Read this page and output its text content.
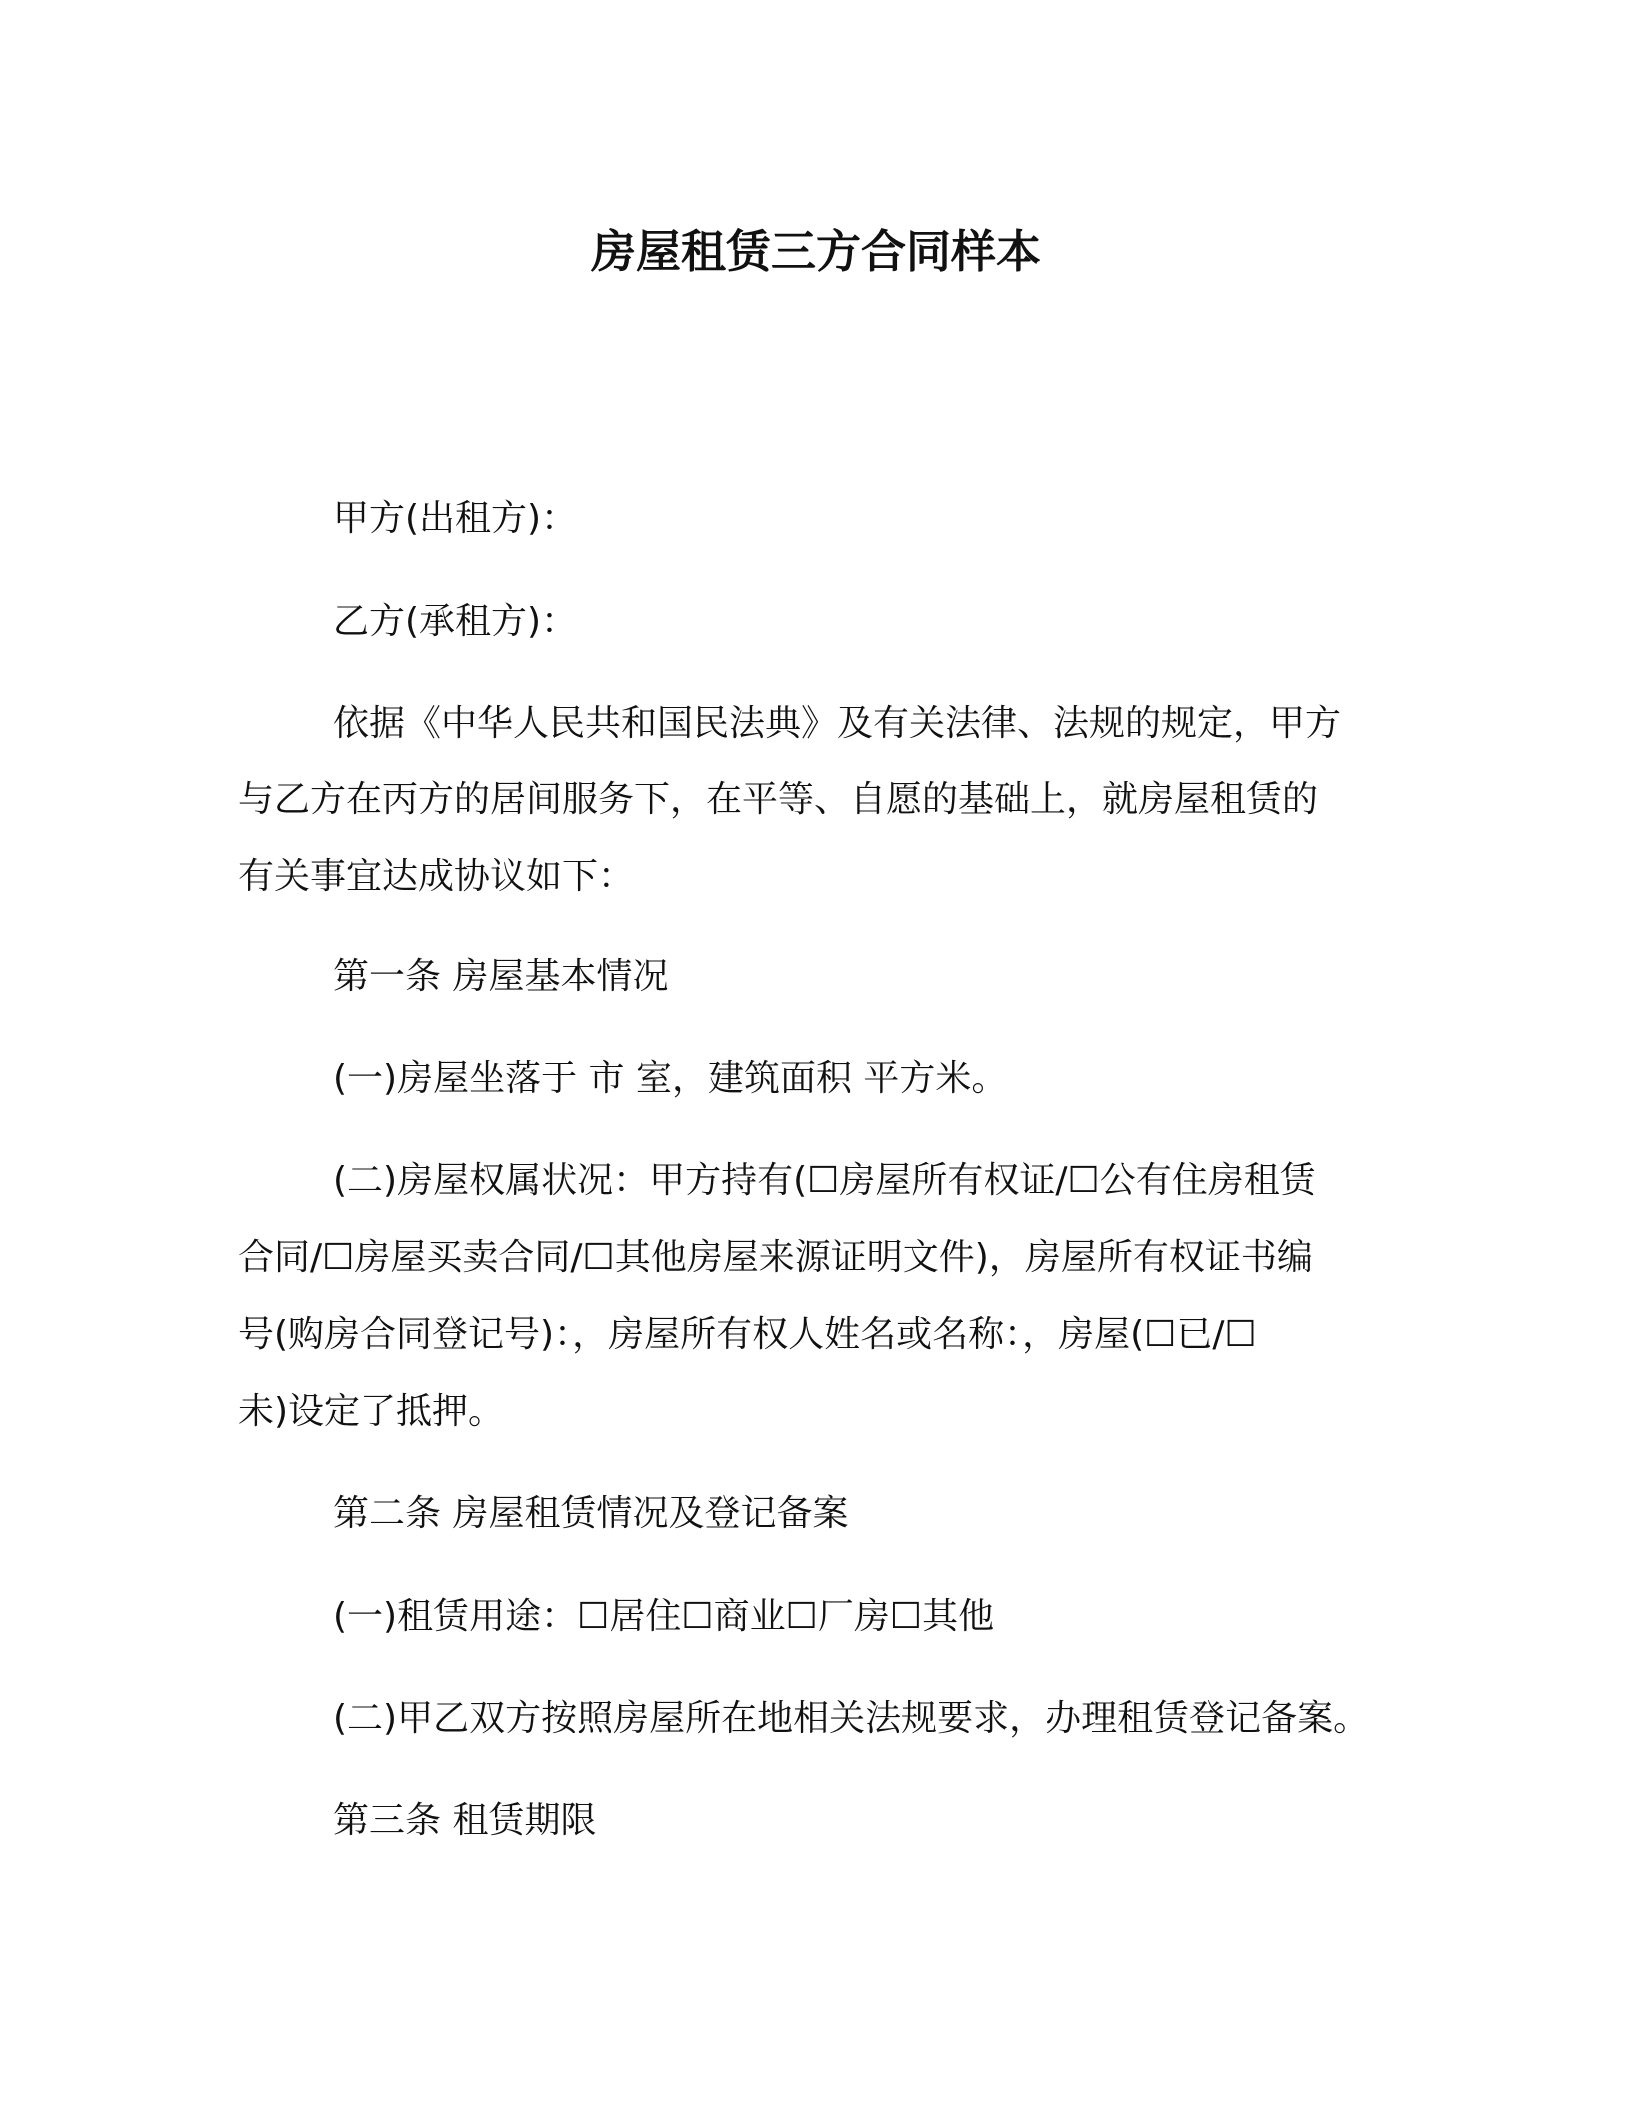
房屋租赁三方合同样本
甲方(出租方)：
乙方(承租方)：
依据《中华人民共和国民法典》及有关法律、法规的规定，甲方
与乙方在丙方的居间服务下，在平等、自愿的基础上，就房屋租赁的
有关事宜达成协议如下：
第一条 房屋基本情况
(一)房屋坐落于 市 室，建筑面积 平方米。
(二)房屋权属状况：甲方持有(☐房屋所有权证/☐公有住房租赁
合同/☐房屋买卖合同/☐其他房屋来源证明文件)，房屋所有权证书编
号(购房合同登记号)：，房屋所有权人姓名或名称：，房屋(☐已/☐
未)设定了抵押。
第二条 房屋租赁情况及登记备案
(一)租赁用途：☐居住☐商业☐厂房☐其他
(二)甲乙双方按照房屋所在地相关法规要求，办理租赁登记备案。
第三条 租赁期限
